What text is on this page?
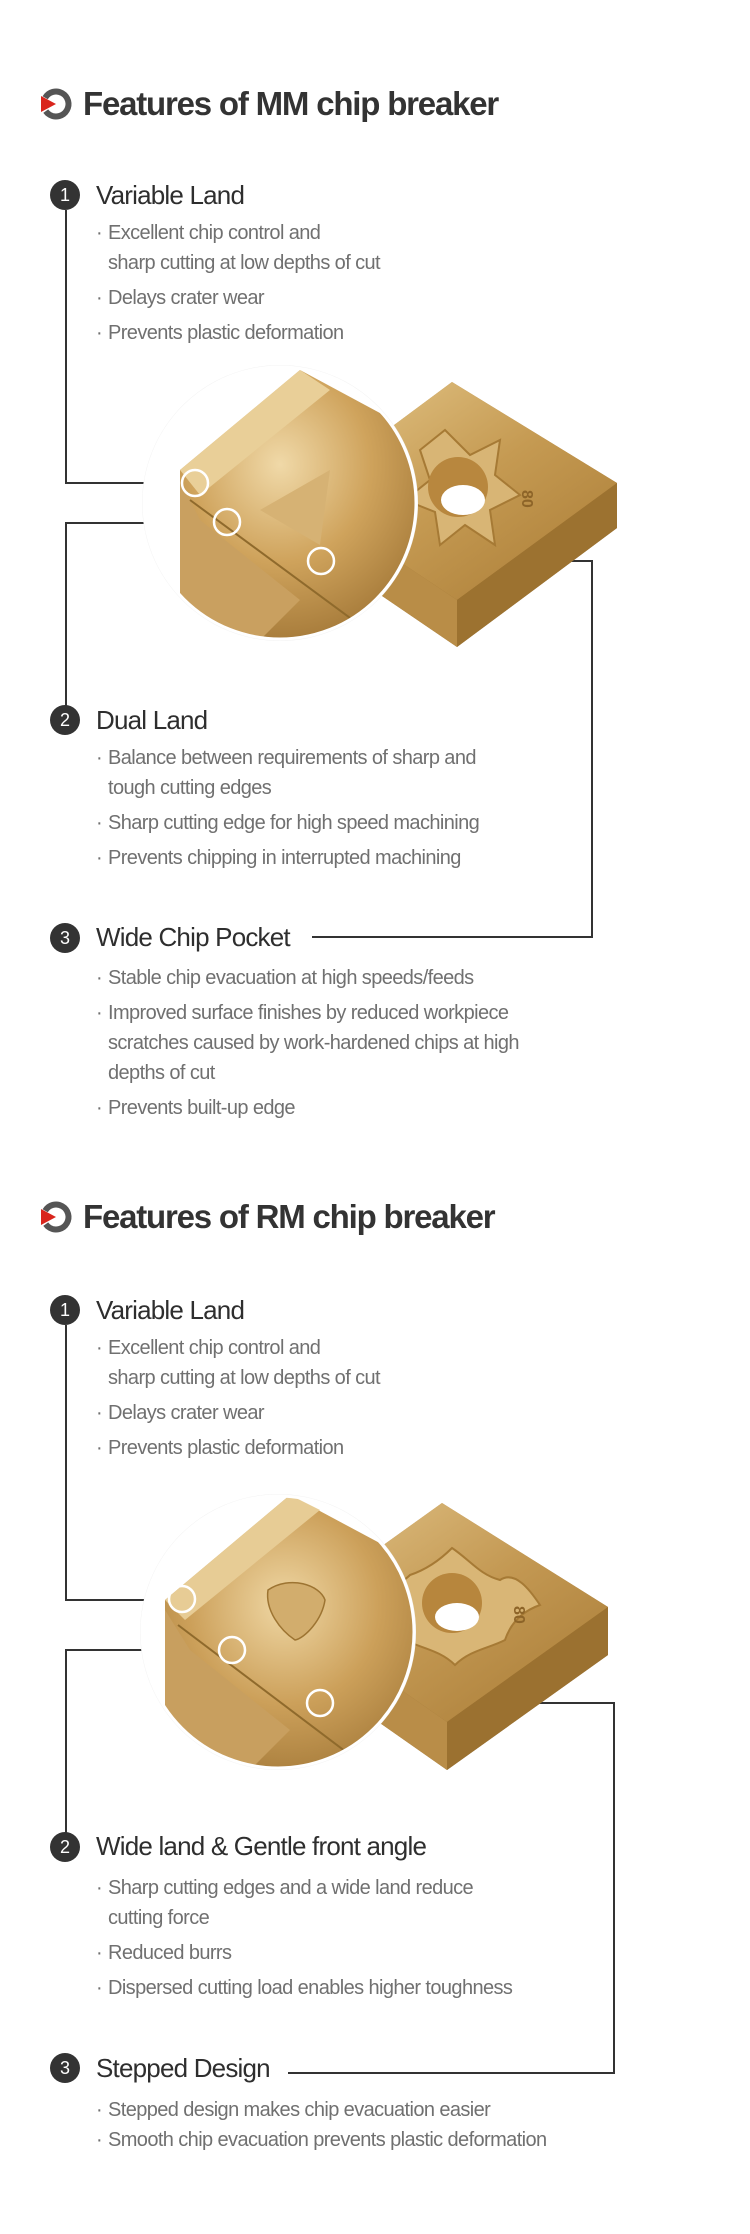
80
Features of MM chip breaker
1	Variable Land
· Excellent chip control and
sharp cutting at low depths of cut
· Delays crater wear
· Prevents plastic deformation
2	Dual Land
· Balance between requirements of sharp and
tough cutting edges
· Sharp cutting edge for high speed machining
· Prevents chipping in interrupted machining
3	Wide Chip Pocket
· Stable chip evacuation at high speeds/feeds
· Improved surface finishes by reduced workpiece
scratches caused by work-hardened chips at high
depths of cut
· Prevents built-up edge
80
Features of RM chip breaker
1	Variable Land
· Excellent chip control and
sharp cutting at low depths of cut
· Delays crater wear
· Prevents plastic deformation
2	Wide land & Gentle front angle
· Sharp cutting edges and a wide land reduce
cutting force
· Reduced burrs
· Dispersed cutting load enables higher toughness
3	Stepped Design
· Stepped design makes chip evacuation easier
· Smooth chip evacuation prevents plastic deformation
